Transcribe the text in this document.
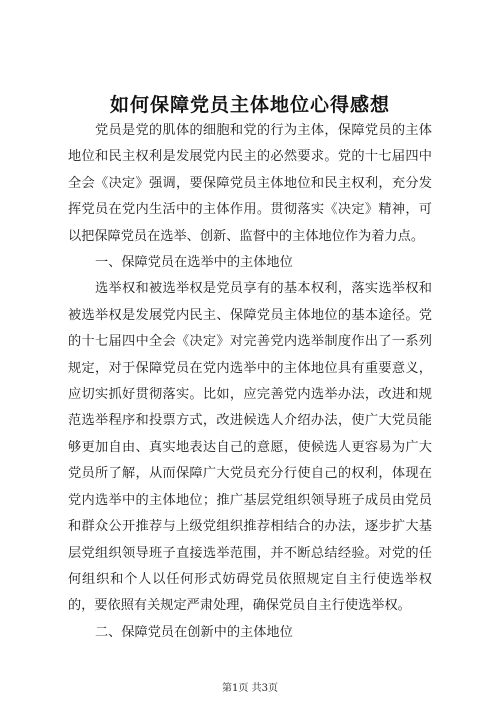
如何保障党员主体地位心得感想

党员是党的肌体的细胞和党的行为主体，保障党员的主体地位和民主权利是发展党内民主的必然要求。党的十七届四中全会《决定》强调，要保障党员主体地位和民主权利，充分发挥党员在党内生活中的主体作用。贯彻落实《决定》精神，可以把保障党员在选举、创新、监督中的主体地位作为着力点。

一、保障党员在选举中的主体地位

选举权和被选举权是党员享有的基本权利，落实选举权和被选举权是发展党内民主、保障党员主体地位的基本途径。党的十七届四中全会《决定》对完善党内选举制度作出了一系列规定，对于保障党员在党内选举中的主体地位具有重要意义，应切实抓好贯彻落实。比如，应完善党内选举办法，改进和规范选举程序和投票方式，改进候选人介绍办法，使广大党员能够更加自由、真实地表达自己的意愿，使候选人更容易为广大党员所了解，从而保障广大党员充分行使自己的权利，体现在党内选举中的主体地位；推广基层党组织领导班子成员由党员和群众公开推荐与上级党组织推荐相结合的办法，逐步扩大基层党组织领导班子直接选举范围，并不断总结经验。对党的任何组织和个人以任何形式妨碍党员依照规定自主行使选举权的，要依照有关规定严肃处理，确保党员自主行使选举权。

二、保障党员在创新中的主体地位

第1页 共3页
